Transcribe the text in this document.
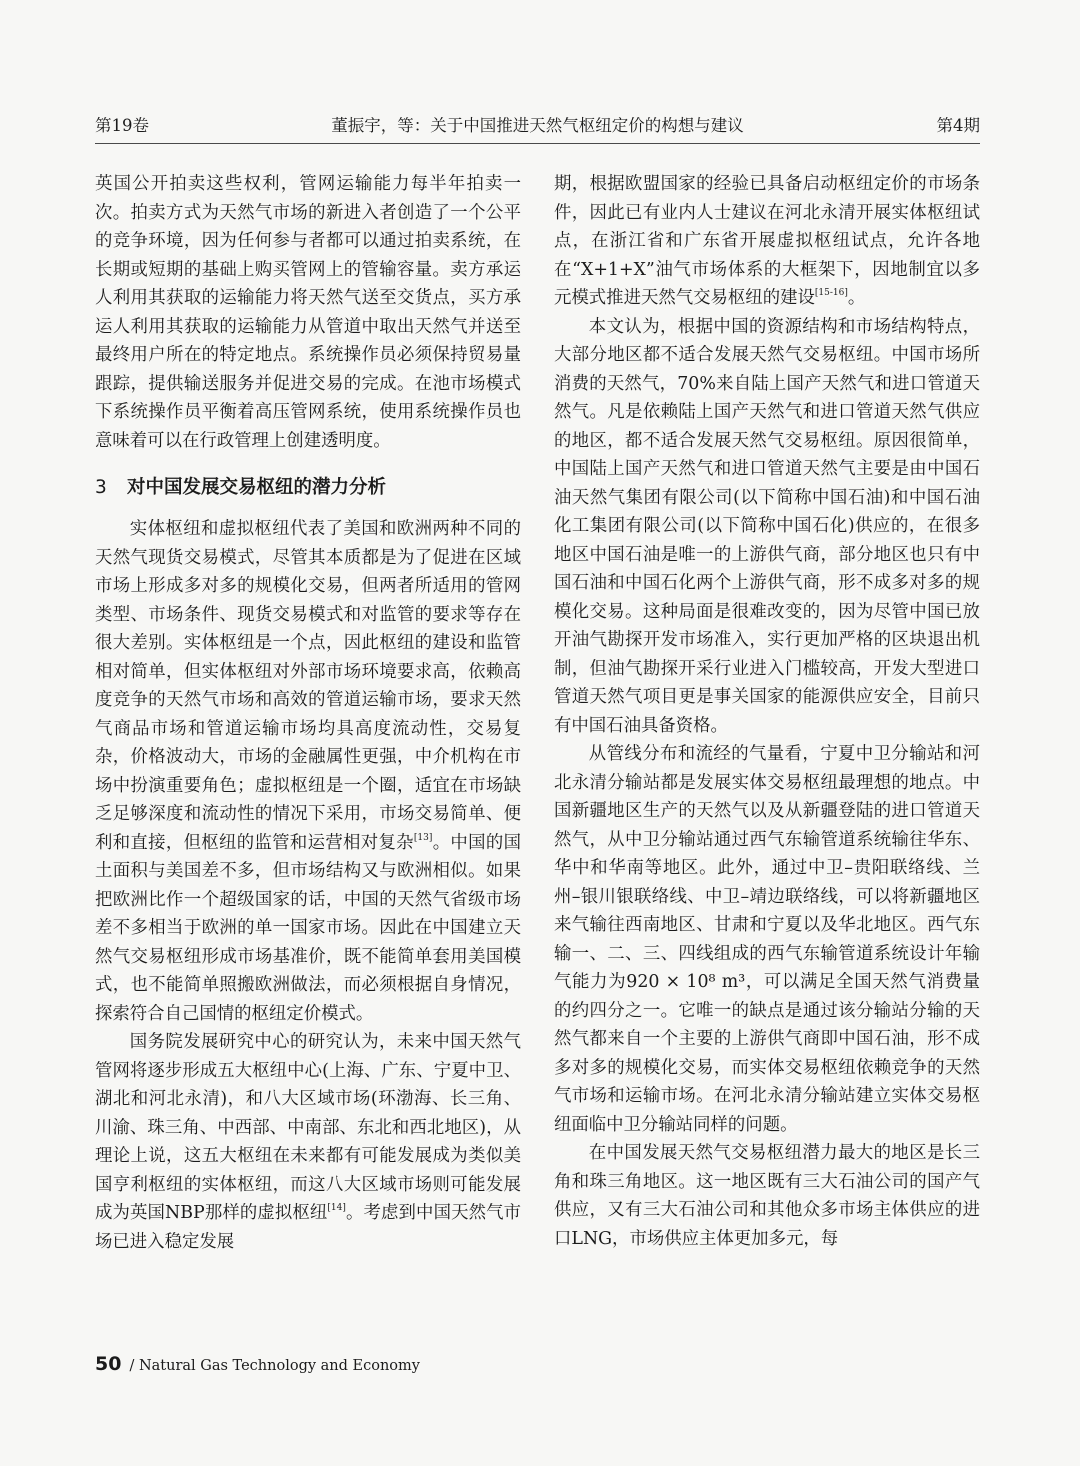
第19卷	董振宇，等：关于中国推进天然气枢纽定价的构想与建议	第4期

英国公开拍卖这些权利，管网运输能力每半年拍卖一次。拍卖方式为天然气市场的新进入者创造了一个公平的竞争环境，因为任何参与者都可以通过拍卖系统，在长期或短期的基础上购买管网上的管输容量。卖方承运人利用其获取的运输能力将天然气送至交货点，买方承运人利用其获取的运输能力从管道中取出天然气并送至最终用户所在的特定地点。系统操作员必须保持贸易量跟踪，提供输送服务并促进交易的完成。在池市场模式下系统操作员平衡着高压管网系统，使用系统操作员也意味着可以在行政管理上创建透明度。

3 对中国发展交易枢纽的潜力分析

实体枢纽和虚拟枢纽代表了美国和欧洲两种不同的天然气现货交易模式，尽管其本质都是为了促进在区域市场上形成多对多的规模化交易，但两者所适用的管网类型、市场条件、现货交易模式和对监管的要求等存在很大差别。实体枢纽是一个点，因此枢纽的建设和监管相对简单，但实体枢纽对外部市场环境要求高，依赖高度竞争的天然气市场和高效的管道运输市场，要求天然气商品市场和管道运输市场均具高度流动性，交易复杂，价格波动大，市场的金融属性更强，中介机构在市场中扮演重要角色；虚拟枢纽是一个圈，适宜在市场缺乏足够深度和流动性的情况下采用，市场交易简单、便利和直接，但枢纽的监管和运营相对复杂[13]。中国的国土面积与美国差不多，但市场结构又与欧洲相似。如果把欧洲比作一个超级国家的话，中国的天然气省级市场差不多相当于欧洲的单一国家市场。因此在中国建立天然气交易枢纽形成市场基准价，既不能简单套用美国模式，也不能简单照搬欧洲做法，而必须根据自身情况，探索符合自己国情的枢纽定价模式。

国务院发展研究中心的研究认为，未来中国天然气管网将逐步形成五大枢纽中心(上海、广东、宁夏中卫、湖北和河北永清)，和八大区域市场(环渤海、长三角、川渝、珠三角、中西部、中南部、东北和西北地区)，从理论上说，这五大枢纽在未来都有可能发展成为类似美国亨利枢纽的实体枢纽，而这八大区域市场则可能发展成为英国NBP那样的虚拟枢纽[14]。考虑到中国天然气市场已进入稳定发展

期，根据欧盟国家的经验已具备启动枢纽定价的市场条件，因此已有业内人士建议在河北永清开展实体枢纽试点，在浙江省和广东省开展虚拟枢纽试点，允许各地在“X+1+X”油气市场体系的大框架下，因地制宜以多元模式推进天然气交易枢纽的建设[15-16]。

本文认为，根据中国的资源结构和市场结构特点，大部分地区都不适合发展天然气交易枢纽。中国市场所消费的天然气，70%来自陆上国产天然气和进口管道天然气。凡是依赖陆上国产天然气和进口管道天然气供应的地区，都不适合发展天然气交易枢纽。原因很简单，中国陆上国产天然气和进口管道天然气主要是由中国石油天然气集团有限公司(以下简称中国石油)和中国石油化工集团有限公司(以下简称中国石化)供应的，在很多地区中国石油是唯一的上游供气商，部分地区也只有中国石油和中国石化两个上游供气商，形不成多对多的规模化交易。这种局面是很难改变的，因为尽管中国已放开油气勘探开发市场准入，实行更加严格的区块退出机制，但油气勘探开采行业进入门槛较高，开发大型进口管道天然气项目更是事关国家的能源供应安全，目前只有中国石油具备资格。

从管线分布和流经的气量看，宁夏中卫分输站和河北永清分输站都是发展实体交易枢纽最理想的地点。中国新疆地区生产的天然气以及从新疆登陆的进口管道天然气，从中卫分输站通过西气东输管道系统输往华东、华中和华南等地区。此外，通过中卫–贵阳联络线、兰州–银川银联络线、中卫–靖边联络线，可以将新疆地区来气输往西南地区、甘肃和宁夏以及华北地区。西气东输一、二、三、四线组成的西气东输管道系统设计年输气能力为920 × 10⁸ m³，可以满足全国天然气消费量的约四分之一。它唯一的缺点是通过该分输站分输的天然气都来自一个主要的上游供气商即中国石油，形不成多对多的规模化交易，而实体交易枢纽依赖竞争的天然气市场和运输市场。在河北永清分输站建立实体交易枢纽面临中卫分输站同样的问题。

在中国发展天然气交易枢纽潜力最大的地区是长三角和珠三角地区。这一地区既有三大石油公司的国产气供应，又有三大石油公司和其他众多市场主体供应的进口LNG，市场供应主体更加多元，每

50 / Natural Gas Technology and Economy
